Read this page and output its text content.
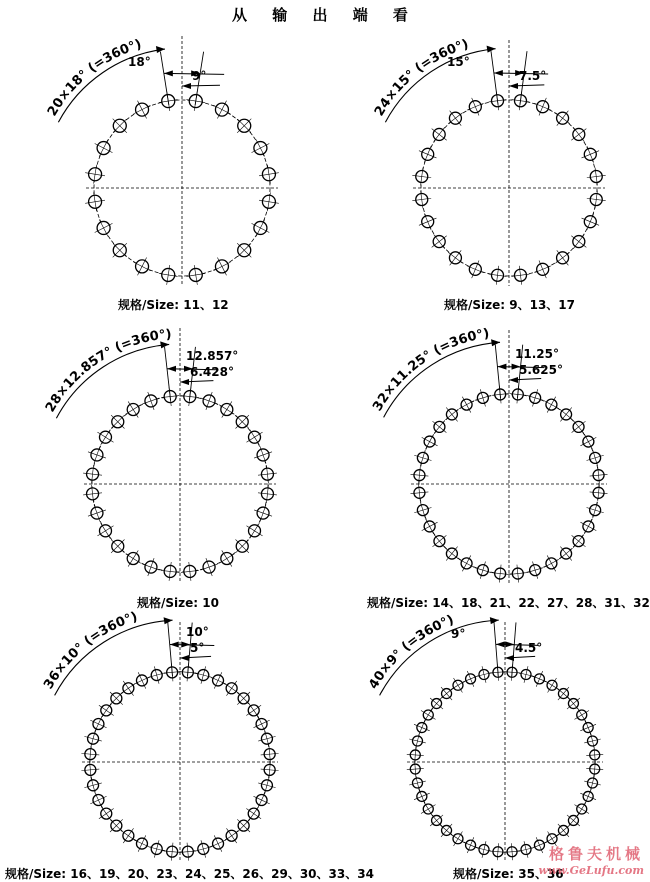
从 输 出 端 看
20×18° (=360°)
18°
9°
24×15° (=360°)
15°
7.5°
28×12.857° (=360°)
12.857°
6.428°
32×11.25° (=360°)
11.25°
5.625°
36×10° (=360°)
10°
5°
40×9° (=360°)
9°
4.5°
规格/Size: 11、12	规格/Size: 9、13、17
规格/Size: 10	规格/Size: 14、18、21、22、27、28、31、32
规格/Size: 16、19、20、23、24、25、26、29、30、33、34	规格/Size: 35、36
格鲁夫机械
www.GeLufu.com
